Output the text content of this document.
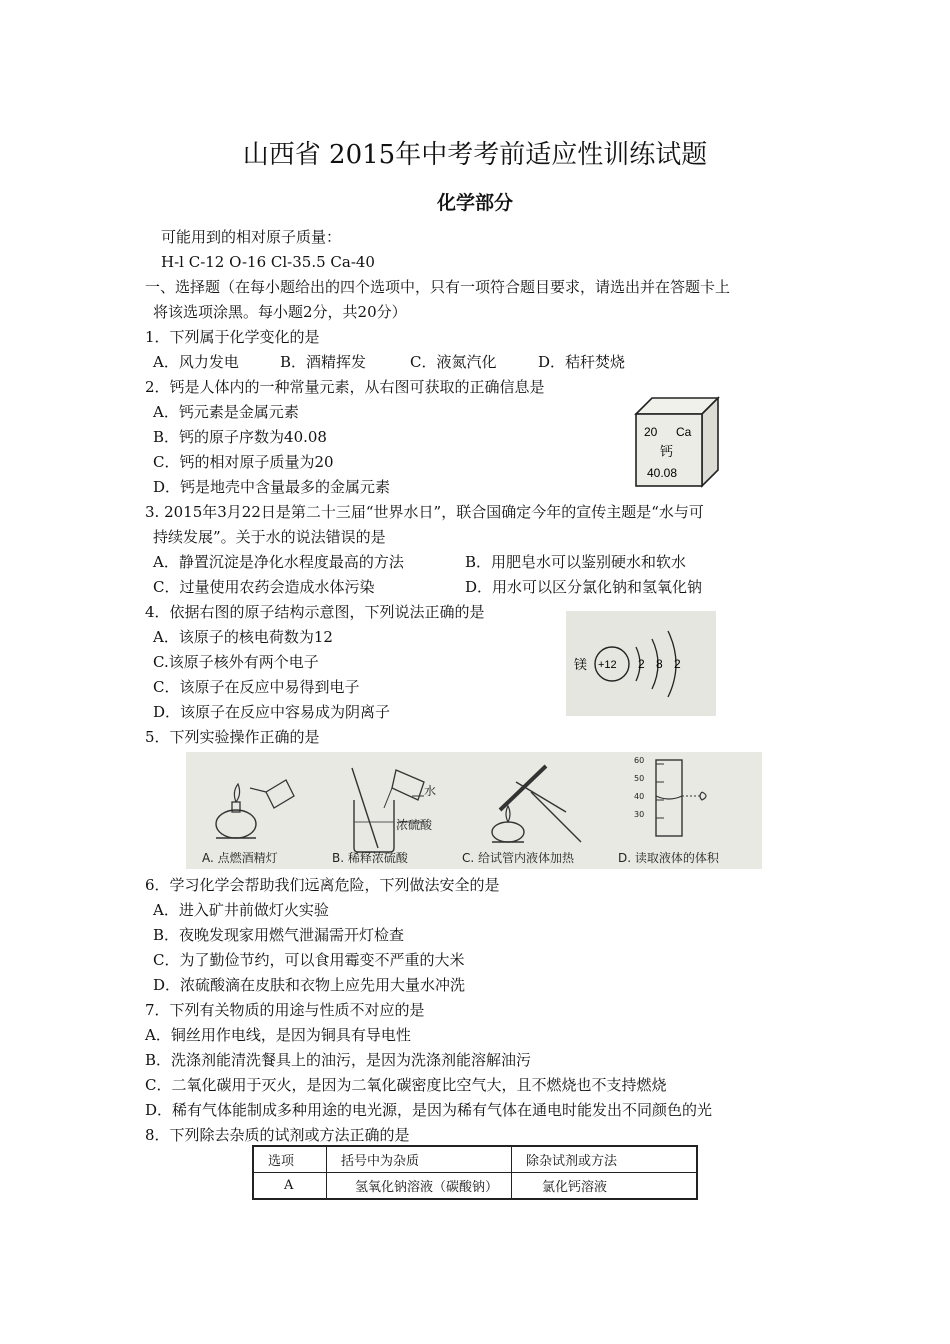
山西省 2015年中考考前适应性训练试题
化学部分
可能用到的相对原子质量：
H-l C-12 O-16 Cl-35.5 Ca-40
一、选择题（在每小题给出的四个选项中，只有一项符合题目要求，请选出并在答题卡上
将该选项涂黑。每小题2分，共20分）
1．下列属于化学变化的是
A．风力发电	B．酒精挥发	C．液氮汽化	D．秸秆焚烧
2．钙是人体内的一种常量元素，从右图可获取的正确信息是
A．钙元素是金属元素
B．钙的原子序数为40.08
C．钙的相对原子质量为20
D．钙是地壳中含量最多的金属元素
20 Ca
钙
40.08
3. 2015年3月22日是第二十三届“世界水日”，联合国确定今年的宣传主题是“水与可
持续发展”。关于水的说法错误的是
A．静置沉淀是净化水程度最高的方法	B．用肥皂水可以鉴别硬水和软水
C．过量使用农药会造成水体污染	D．用水可以区分氯化钠和氢氧化钠
4．依据右图的原子结构示意图，下列说法正确的是
A．该原子的核电荷数为12
C.该原子核外有两个电子
C．该原子在反应中易得到电子
D．该原子在反应中容易成为阴离子
镁 +12 2 8 2
5．下列实验操作正确的是
水
浓硫酸
60
50
40
30
A. 点燃酒精灯	B. 稀释浓硫酸	C. 给试管内液体加热	D. 读取液体的体积
6．学习化学会帮助我们远离危险，下列做法安全的是
A．进入矿井前做灯火实验
B．夜晚发现家用燃气泄漏需开灯检查
C．为了勤俭节约，可以食用霉变不严重的大米
D．浓硫酸滴在皮肤和衣物上应先用大量水冲洗
7．下列有关物质的用途与性质不对应的是
A．铜丝用作电线，是因为铜具有导电性
B．洗涤剂能清洗餐具上的油污，是因为洗涤剂能溶解油污
C．二氧化碳用于灭火，是因为二氧化碳密度比空气大，且不燃烧也不支持燃烧
D．稀有气体能制成多种用途的电光源，是因为稀有气体在通电时能发出不同颜色的光
8．下列除去杂质的试剂或方法正确的是
选项	括号中为杂质	除杂试剂或方法
A	氢氧化钠溶液（碳酸钠）	氯化钙溶液
